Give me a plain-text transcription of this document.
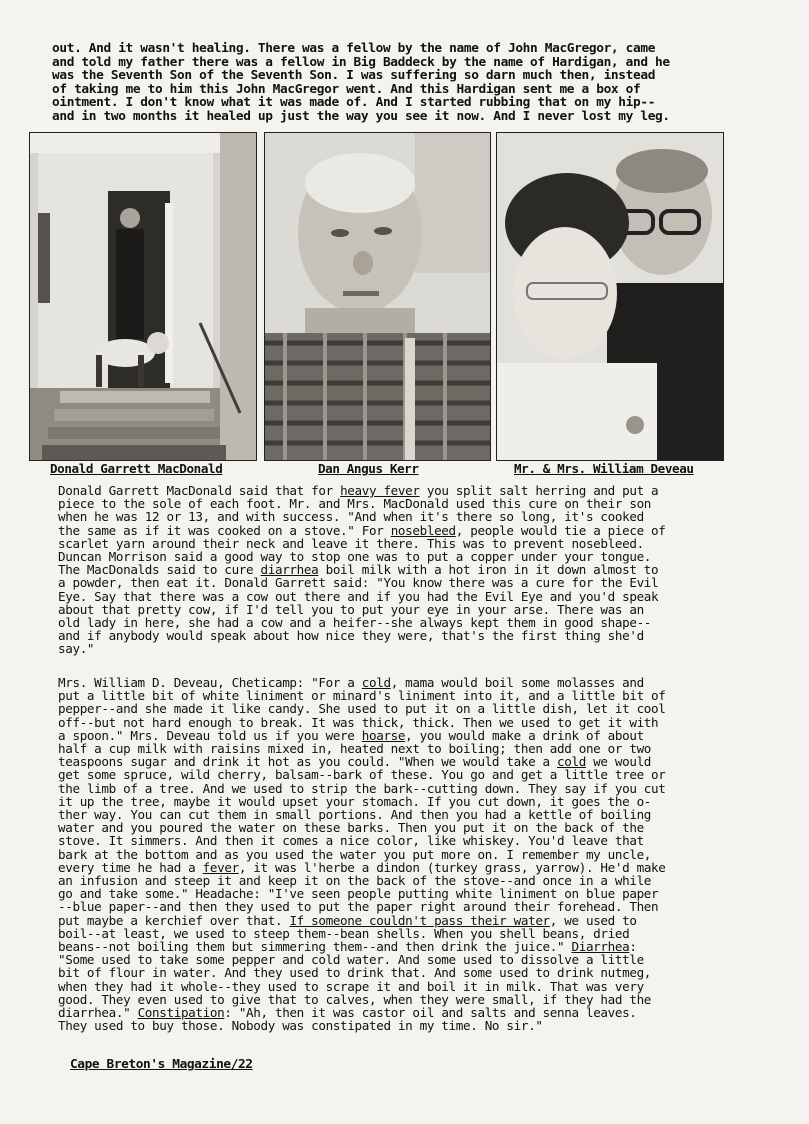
out. And it wasn't healing. There was a fellow by the name of John MacGregor, came
and told my father there was a fellow in Big Baddeck by the name of Hardigan, and he
was the Seventh Son of the Seventh Son. I was suffering so darn much then, instead
of taking me to him this John MacGregor went. And this Hardigan sent me a box of
ointment. I don't know what it was made of. And I started rubbing that on my hip--
and in two months it healed up just the way you see it now. And I never lost my leg.

Donald Garrett MacDonald	Dan Angus Kerr	Mr. & Mrs. William Deveau

Donald Garrett MacDonald said that for heavy fever you split salt herring and put a
piece to the sole of each foot. Mr. and Mrs. MacDonald used this cure on their son
when he was 12 or 13, and with success. "And when it's there so long, it's cooked
the same as if it was cooked on a stove." For nosebleed, people would tie a piece of
scarlet yarn around their neck and leave it there. This was to prevent nosebleed.
Duncan Morrison said a good way to stop one was to put a copper under your tongue.
The MacDonalds said to cure diarrhea boil milk with a hot iron in it down almost to
a powder, then eat it. Donald Garrett said: "You know there was a cure for the Evil
Eye. Say that there was a cow out there and if you had the Evil Eye and you'd speak
about that pretty cow, if I'd tell you to put your eye in your arse. There was an
old lady in here, she had a cow and a heifer--she always kept them in good shape--
and if anybody would speak about how nice they were, that's the first thing she'd
say."

Mrs. William D. Deveau, Cheticamp: "For a cold, mama would boil some molasses and
put a little bit of white liniment or minard's liniment into it, and a little bit of
pepper--and she made it like candy. She used to put it on a little dish, let it cool
off--but not hard enough to break. It was thick, thick. Then we used to get it with
a spoon." Mrs. Deveau told us if you were hoarse, you would make a drink of about
half a cup milk with raisins mixed in, heated next to boiling; then add one or two
teaspoons sugar and drink it hot as you could. "When we would take a cold we would
get some spruce, wild cherry, balsam--bark of these. You go and get a little tree or
the limb of a tree. And we used to strip the bark--cutting down. They say if you cut
it up the tree, maybe it would upset your stomach. If you cut down, it goes the o-
ther way. You can cut them in small portions. And then you had a kettle of boiling
water and you poured the water on these barks. Then you put it on the back of the
stove. It simmers. And then it comes a nice color, like whiskey. You'd leave that
bark at the bottom and as you used the water you put more on. I remember my uncle,
every time he had a fever, it was l'herbe a dindon (turkey grass, yarrow). He'd make
an infusion and steep it and keep it on the back of the stove--and once in a while
go and take some." Headache: "I've seen people putting white liniment on blue paper
--blue paper--and then they used to put the paper right around their forehead. Then
put maybe a kerchief over that. If someone couldn't pass their water, we used to
boil--at least, we used to steep them--bean shells. When you shell beans, dried
beans--not boiling them but simmering them--and then drink the juice." Diarrhea:
"Some used to take some pepper and cold water. And some used to dissolve a little
bit of flour in water. And they used to drink that. And some used to drink nutmeg,
when they had it whole--they used to scrape it and boil it in milk. That was very
good. They even used to give that to calves, when they were small, if they had the
diarrhea." Constipation: "Ah, then it was castor oil and salts and senna leaves.
They used to buy those. Nobody was constipated in my time. No sir."

Cape Breton's Magazine/22
